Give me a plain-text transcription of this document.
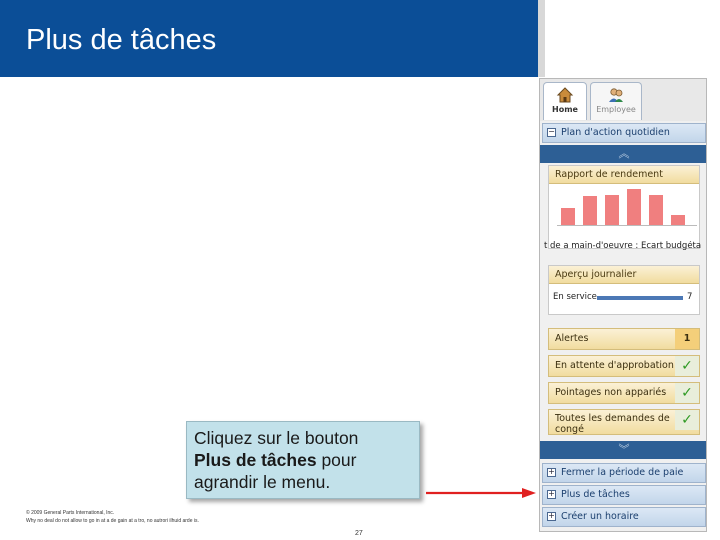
Plus de tâches
Home	Employee
− Plan d'action quotidien
︽
Rapport de rendement
t de a main-d'oeuvre : Écart budgéta
Aperçu journalier
En service	7
Alertes	1
En attente d'approbation ✓
Pointages non appariés	✓
Toutes les demandes de congé
✓
︾
+ Fermer la période de paie
+ Plus de tâches
+ Créer un horaire
Cliquez sur le bouton
Plus de tâches pour agrandir le menu.
© 2009 General Parts International, Inc.
Why no deal do not allow to go in at a de gain at a tro, no autrori ilhuid arde is.
27
